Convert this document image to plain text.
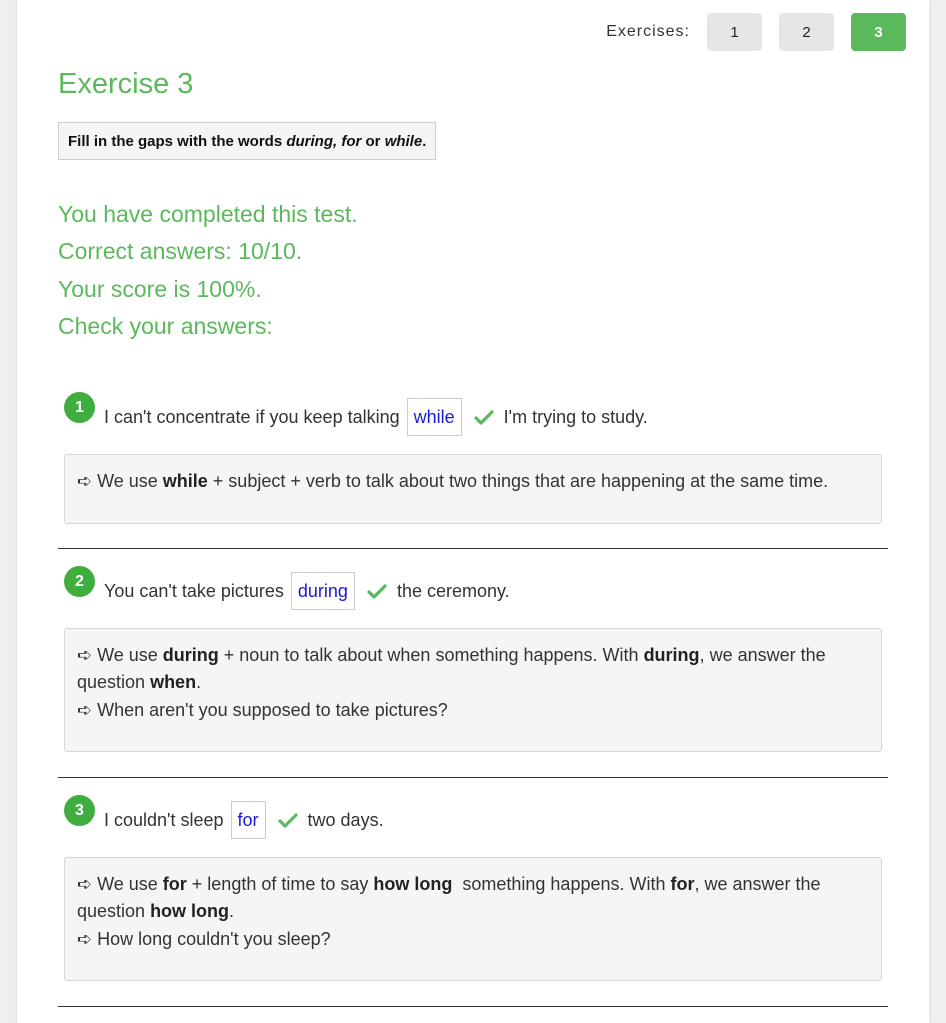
Exercises:	1	2	3
Exercise 3
Fill in the gaps with the words during,
for or while .
You have completed this test.
Correct answers: 10/10.
Your score is 100%.
Check your answers:
1	I can't concentrate if you keep talking while	I'm trying to study.
➪ We use while + subject + verb to talk about two things that are happening at the same time.
2	You can't take pictures during	the ceremony.
➪ We use during + noun to talk about when something happens. With during, we answer the question when.
➪ When aren't you supposed to take pictures?
3	I couldn't sleep for	two days.
➪ We use for + length of time to say how long  something happens. With for, we answer the question how long.
➪ How long couldn't you sleep?
